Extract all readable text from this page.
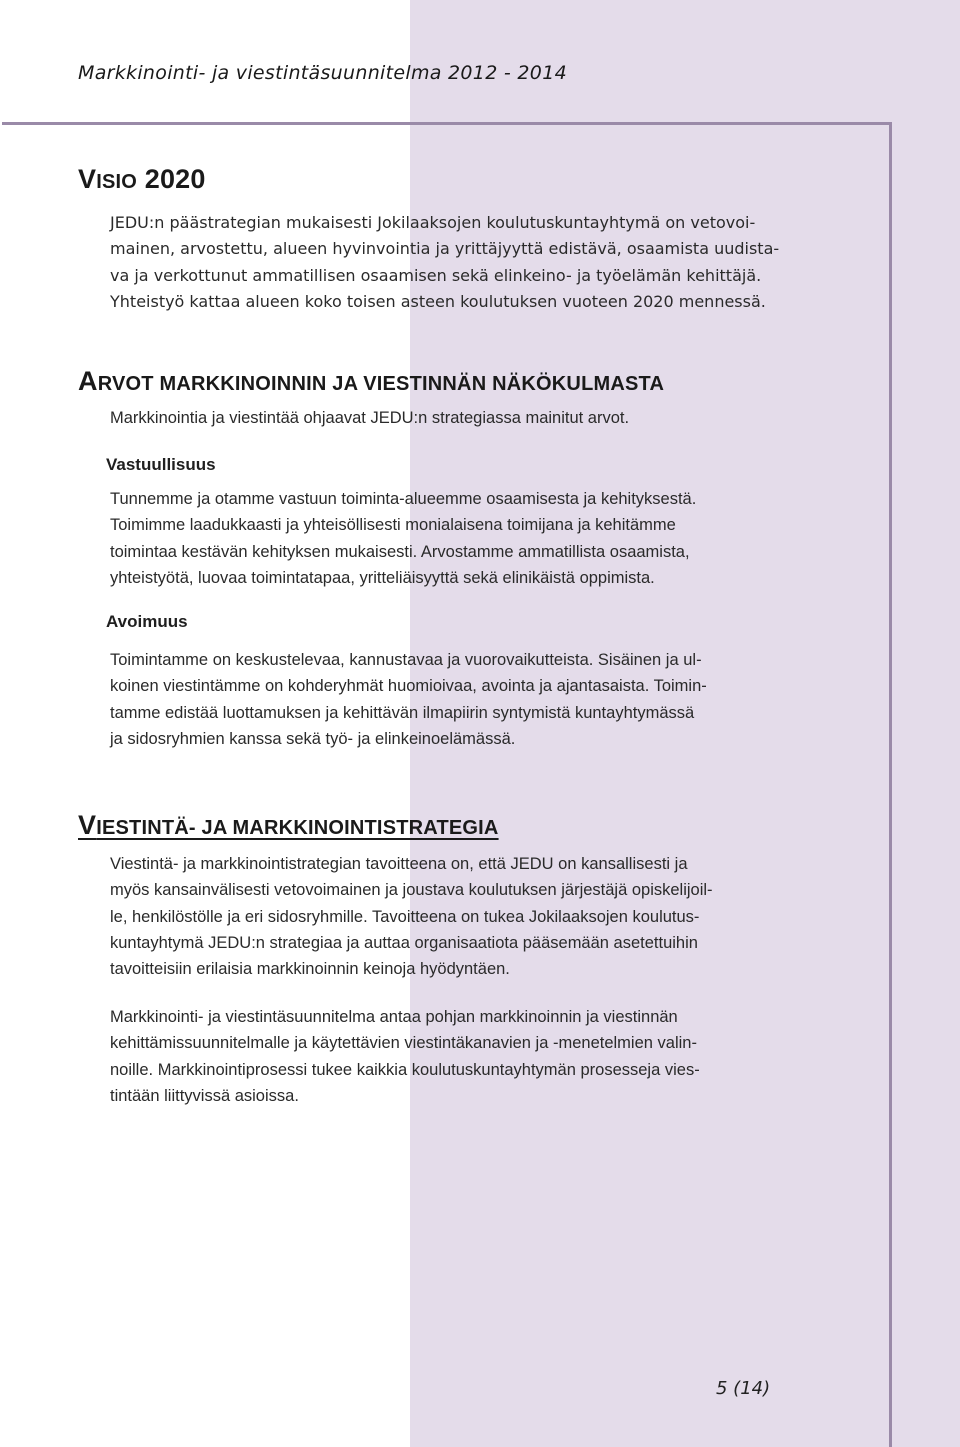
Markkinointi- ja viestintäsuunnitelma 2012 - 2014
VISIO 2020
JEDU:n päästrategian mukaisesti Jokilaaksojen koulutuskuntayhtymä on vetovoi-
mainen, arvostettu, alueen hyvinvointia ja yrittäjyyttä edistävä, osaamista uudista-
va ja verkottunut ammatillisen osaamisen sekä elinkeino- ja työelämän kehittäjä.
Yhteistyö kattaa alueen koko toisen asteen koulutuksen vuoteen 2020 mennessä.
ARVOT MARKKINOINNIN JA VIESTINNÄN NÄKÖKULMASTA
Markkinointia ja viestintää ohjaavat JEDU:n strategiassa mainitut arvot.
Vastuullisuus
Tunnemme ja otamme vastuun toiminta-alueemme osaamisesta ja kehityksestä.
Toimimme laadukkaasti ja yhteisöllisesti monialaisena toimijana ja kehitämme
toimintaa kestävän kehityksen mukaisesti. Arvostamme ammatillista osaamista,
yhteistyötä, luovaa toimintatapaa, yritteliäisyyttä sekä elinikäistä oppimista.
Avoimuus
Toimintamme on keskustelevaa, kannustavaa ja vuorovaikutteista. Sisäinen ja ul-
koinen viestintämme on kohderyhmät huomioivaa, avointa ja ajantasaista. Toimin-
tamme edistää luottamuksen ja kehittävän ilmapiirin syntymistä kuntayhtymässä
ja sidosryhmien kanssa sekä työ- ja elinkeinoelämässä.
VIESTINTÄ- JA MARKKINOINTISTRATEGIA
Viestintä- ja markkinointistrategian tavoitteena on, että JEDU on kansallisesti ja
myös kansainvälisesti vetovoimainen ja joustava koulutuksen järjestäjä opiskelijoil-
le, henkilöstölle ja eri sidosryhmille. Tavoitteena on tukea Jokilaaksojen koulutus-
kuntayhtymä JEDU:n strategiaa ja auttaa organisaatiota pääsemään asetettuihin
tavoitteisiin erilaisia markkinoinnin keinoja hyödyntäen.
Markkinointi- ja viestintäsuunnitelma antaa pohjan markkinoinnin ja viestinnän
kehittämissuunnitelmalle ja käytettävien viestintäkanavien ja -menetelmien valin-
noille. Markkinointiprosessi tukee kaikkia koulutuskuntayhtymän prosesseja vies-
tintään liittyvissä asioissa.
5 (14)
